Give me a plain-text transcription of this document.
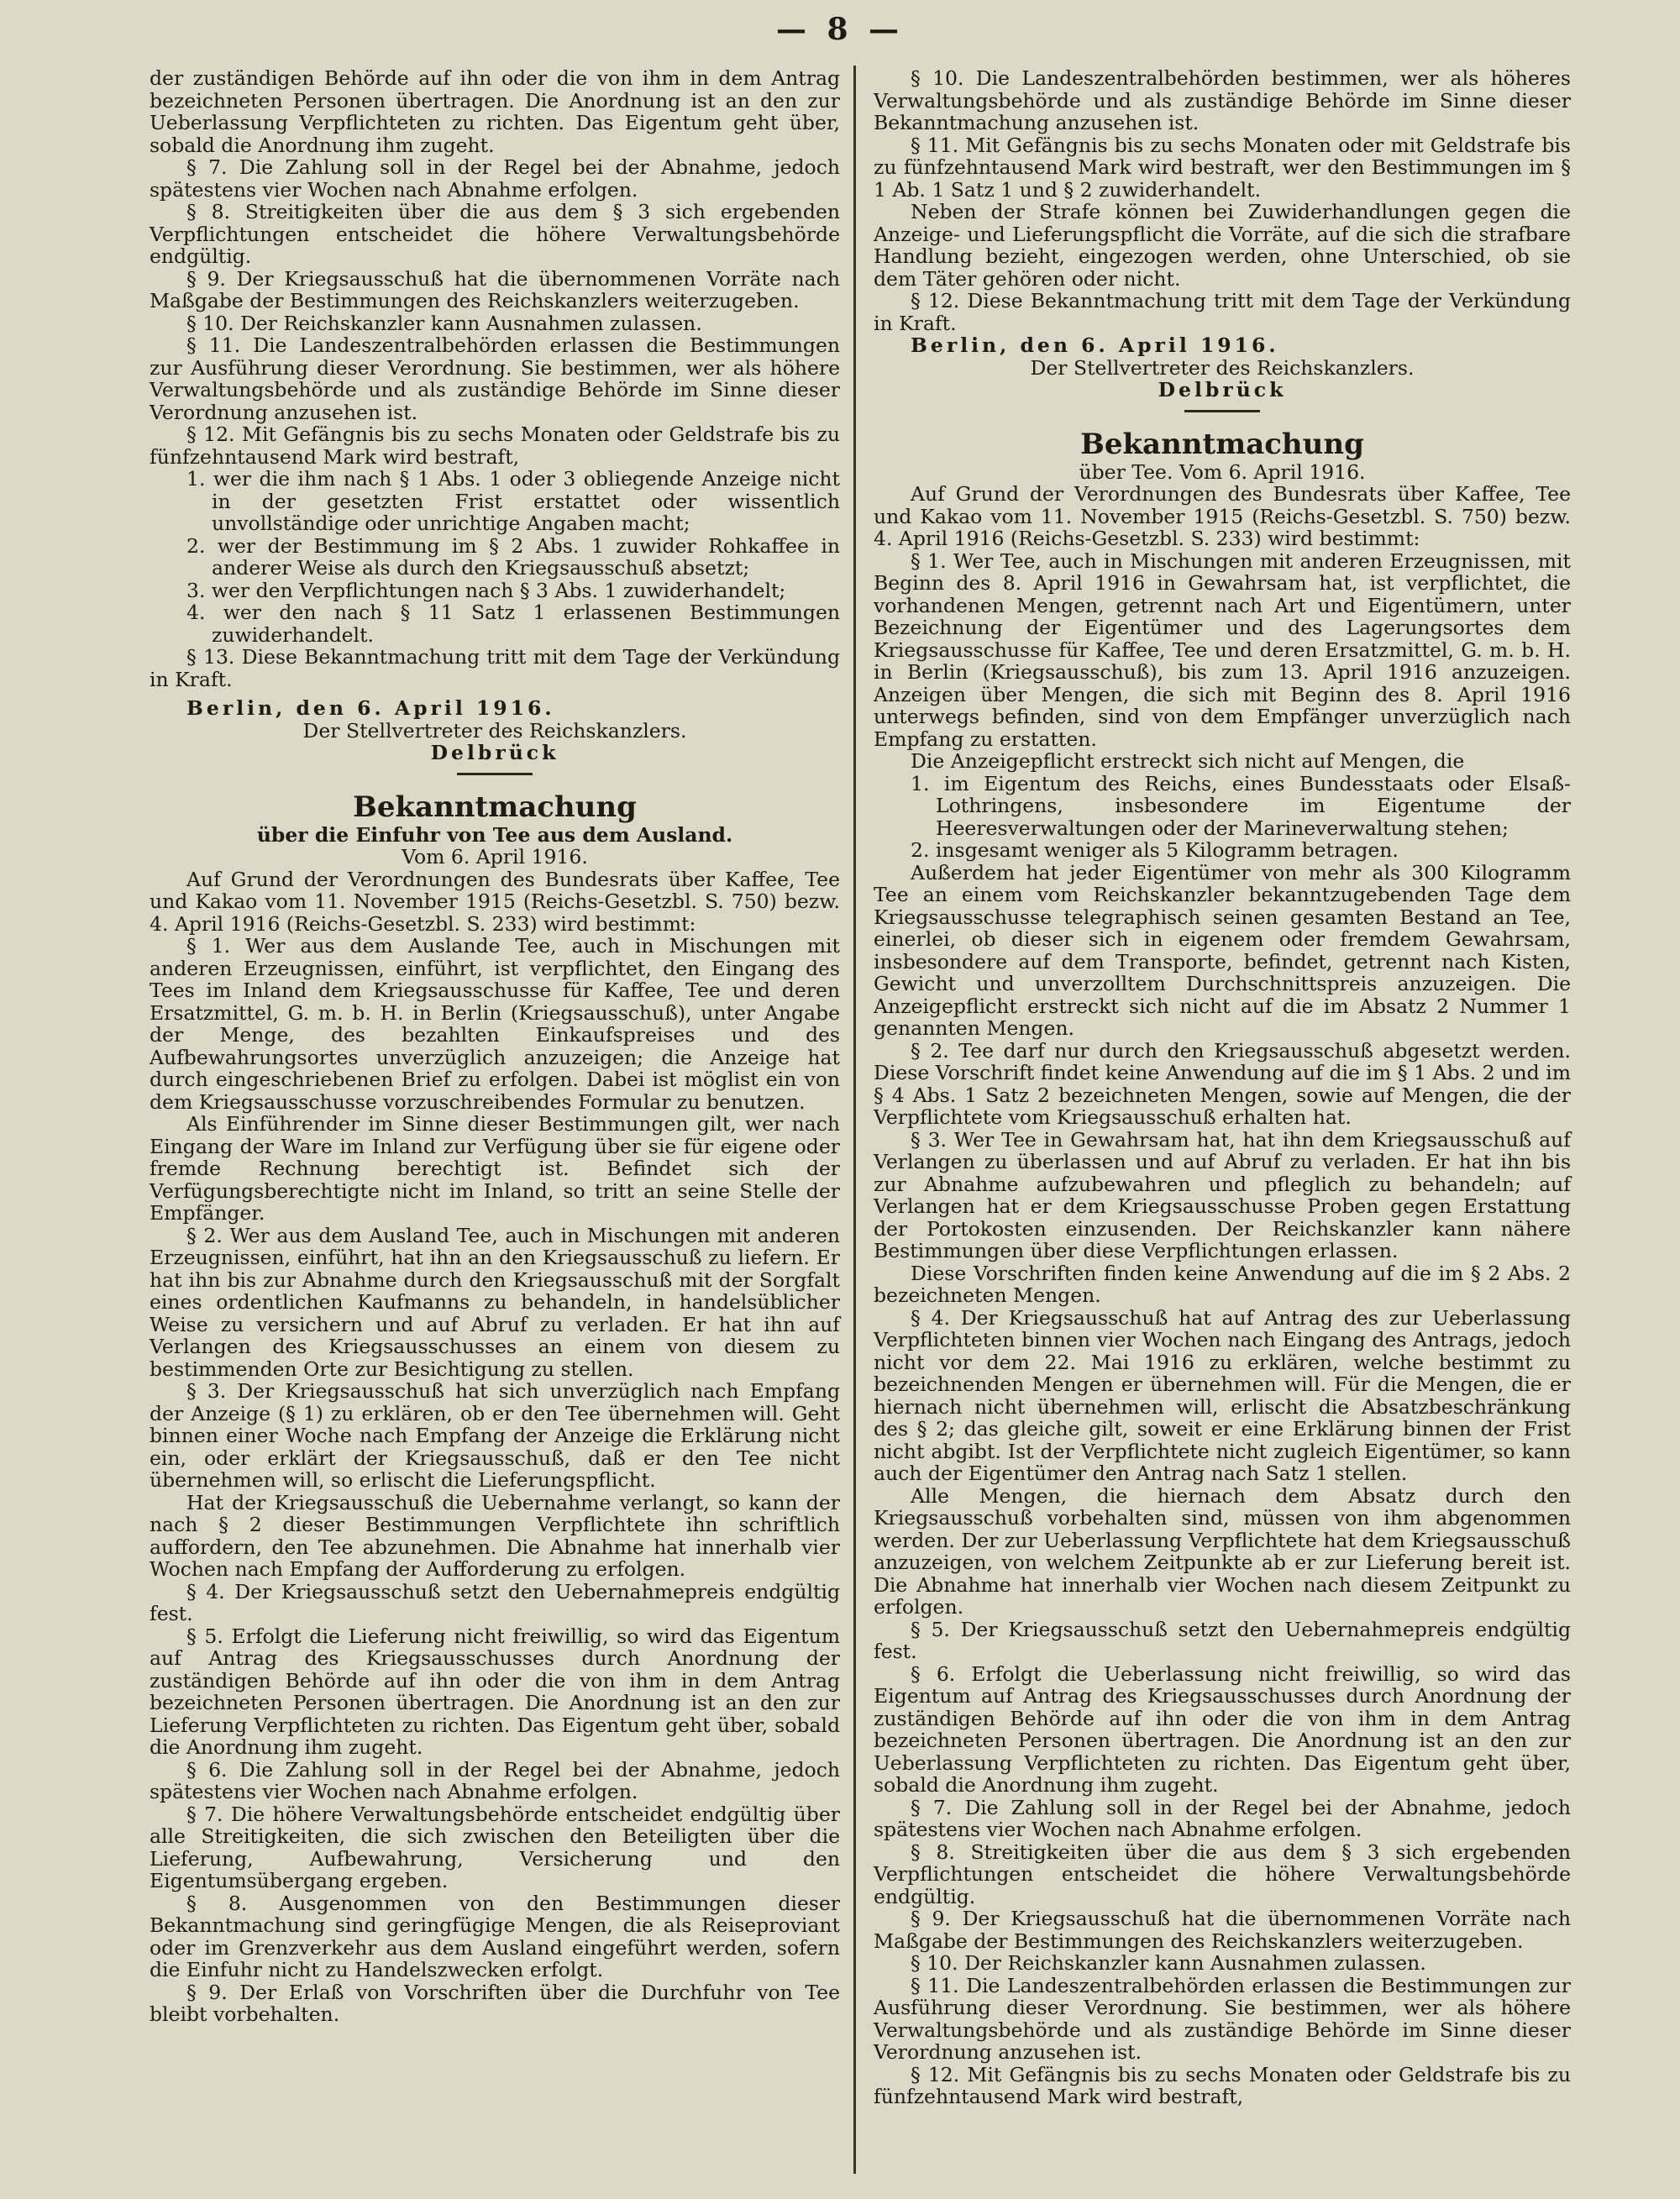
— 8 —

der zuständigen Behörde auf ihn oder die von ihm in dem Antrag bezeichneten Personen übertragen. Die Anordnung ist an den zur Ueberlassung Verpflichteten zu richten. Das Eigentum geht über, sobald die Anordnung ihm zugeht.

§ 7. Die Zahlung soll in der Regel bei der Abnahme, jedoch spätestens vier Wochen nach Abnahme erfolgen.

§ 8. Streitigkeiten über die aus dem § 3 sich ergebenden Verpflichtungen entscheidet die höhere Verwaltungsbehörde endgültig.

§ 9. Der Kriegsausschuß hat die übernommenen Vorräte nach Maßgabe der Bestimmungen des Reichskanzlers weiterzugeben.

§ 10. Der Reichskanzler kann Ausnahmen zulassen.

§ 11. Die Landeszentralbehörden erlassen die Bestimmungen zur Ausführung dieser Verordnung. Sie bestimmen, wer als höhere Verwaltungsbehörde und als zuständige Behörde im Sinne dieser Verordnung anzusehen ist.

§ 12. Mit Gefängnis bis zu sechs Monaten oder Geldstrafe bis zu fünfzehntausend Mark wird bestraft,

1. wer die ihm nach § 1 Abs. 1 oder 3 obliegende Anzeige nicht in der gesetzten Frist erstattet oder wissentlich unvollständige oder unrichtige Angaben macht;

2. wer der Bestimmung im § 2 Abs. 1 zuwider Rohkaffee in anderer Weise als durch den Kriegsausschuß absetzt;

3. wer den Verpflichtungen nach § 3 Abs. 1 zuwiderhandelt;

4. wer den nach § 11 Satz 1 erlassenen Bestimmungen zuwiderhandelt.

§ 13. Diese Bekanntmachung tritt mit dem Tage der Verkündung in Kraft.

Berlin, den 6. April 1916.

Der Stellvertreter des Reichskanzlers.

Delbrück

Bekanntmachung

über die Einfuhr von Tee aus dem Ausland.

Vom 6. April 1916.

Auf Grund der Verordnungen des Bundesrats über Kaffee, Tee und Kakao vom 11. November 1915 (Reichs-Gesetzbl. S. 750) bezw. 4. April 1916 (Reichs-Gesetzbl. S. 233) wird bestimmt:

§ 1. Wer aus dem Auslande Tee, auch in Mischungen mit anderen Erzeugnissen, einführt, ist verpflichtet, den Eingang des Tees im Inland dem Kriegsausschusse für Kaffee, Tee und deren Ersatzmittel, G. m. b. H. in Berlin (Kriegsausschuß), unter Angabe der Menge, des bezahlten Einkaufspreises und des Aufbewahrungsortes unverzüglich anzuzeigen; die Anzeige hat durch eingeschriebenen Brief zu erfolgen. Dabei ist möglist ein von dem Kriegsausschusse vorzuschreibendes Formular zu benutzen.

Als Einführender im Sinne dieser Bestimmungen gilt, wer nach Eingang der Ware im Inland zur Verfügung über sie für eigene oder fremde Rechnung berechtigt ist. Befindet sich der Verfügungsberechtigte nicht im Inland, so tritt an seine Stelle der Empfänger.

§ 2. Wer aus dem Ausland Tee, auch in Mischungen mit anderen Erzeugnissen, einführt, hat ihn an den Kriegsausschuß zu liefern. Er hat ihn bis zur Abnahme durch den Kriegsausschuß mit der Sorgfalt eines ordentlichen Kaufmanns zu behandeln, in handelsüblicher Weise zu versichern und auf Abruf zu verladen. Er hat ihn auf Verlangen des Kriegsausschusses an einem von diesem zu bestimmenden Orte zur Besichtigung zu stellen.

§ 3. Der Kriegsausschuß hat sich unverzüglich nach Empfang der Anzeige (§ 1) zu erklären, ob er den Tee übernehmen will. Geht binnen einer Woche nach Empfang der Anzeige die Erklärung nicht ein, oder erklärt der Kriegsausschuß, daß er den Tee nicht übernehmen will, so erlischt die Lieferungspflicht.

Hat der Kriegsausschuß die Uebernahme verlangt, so kann der nach § 2 dieser Bestimmungen Verpflichtete ihn schriftlich auffordern, den Tee abzunehmen. Die Abnahme hat innerhalb vier Wochen nach Empfang der Aufforderung zu erfolgen.

§ 4. Der Kriegsausschuß setzt den Uebernahmepreis endgültig fest.

§ 5. Erfolgt die Lieferung nicht freiwillig, so wird das Eigentum auf Antrag des Kriegsausschusses durch Anordnung der zuständigen Behörde auf ihn oder die von ihm in dem Antrag bezeichneten Personen übertragen. Die Anordnung ist an den zur Lieferung Verpflichteten zu richten. Das Eigentum geht über, sobald die Anordnung ihm zugeht.

§ 6. Die Zahlung soll in der Regel bei der Abnahme, jedoch spätestens vier Wochen nach Abnahme erfolgen.

§ 7. Die höhere Verwaltungsbehörde entscheidet endgültig über alle Streitigkeiten, die sich zwischen den Beteiligten über die Lieferung, Aufbewahrung, Versicherung und den Eigentumsübergang ergeben.

§ 8. Ausgenommen von den Bestimmungen dieser Bekanntmachung sind geringfügige Mengen, die als Reiseproviant oder im Grenzverkehr aus dem Ausland eingeführt werden, sofern die Einfuhr nicht zu Handelszwecken erfolgt.

§ 9. Der Erlaß von Vorschriften über die Durchfuhr von Tee bleibt vorbehalten.

§ 10. Die Landeszentralbehörden bestimmen, wer als höheres Verwaltungsbehörde und als zuständige Behörde im Sinne dieser Bekanntmachung anzusehen ist.

§ 11. Mit Gefängnis bis zu sechs Monaten oder mit Geldstrafe bis zu fünfzehntausend Mark wird bestraft, wer den Bestimmungen im § 1 Ab. 1 Satz 1 und § 2 zuwiderhandelt.

Neben der Strafe können bei Zuwiderhandlungen gegen die Anzeige- und Lieferungspflicht die Vorräte, auf die sich die strafbare Handlung bezieht, eingezogen werden, ohne Unterschied, ob sie dem Täter gehören oder nicht.

§ 12. Diese Bekanntmachung tritt mit dem Tage der Verkündung in Kraft.

Berlin, den 6. April 1916.

Der Stellvertreter des Reichskanzlers.

Delbrück

Bekanntmachung

über Tee. Vom 6. April 1916.

Auf Grund der Verordnungen des Bundesrats über Kaffee, Tee und Kakao vom 11. November 1915 (Reichs-Gesetzbl. S. 750) bezw. 4. April 1916 (Reichs-Gesetzbl. S. 233) wird bestimmt:

§ 1. Wer Tee, auch in Mischungen mit anderen Erzeugnissen, mit Beginn des 8. April 1916 in Gewahrsam hat, ist verpflichtet, die vorhandenen Mengen, getrennt nach Art und Eigentümern, unter Bezeichnung der Eigentümer und des Lagerungsortes dem Kriegsausschusse für Kaffee, Tee und deren Ersatzmittel, G. m. b. H. in Berlin (Kriegsausschuß), bis zum 13. April 1916 anzuzeigen. Anzeigen über Mengen, die sich mit Beginn des 8. April 1916 unterwegs befinden, sind von dem Empfänger unverzüglich nach Empfang zu erstatten.

Die Anzeigepflicht erstreckt sich nicht auf Mengen, die

1. im Eigentum des Reichs, eines Bundesstaats oder Elsaß-Lothringens, insbesondere im Eigentume der Heeresverwaltungen oder der Marineverwaltung stehen;

2. insgesamt weniger als 5 Kilogramm betragen.

Außerdem hat jeder Eigentümer von mehr als 300 Kilogramm Tee an einem vom Reichskanzler bekanntzugebenden Tage dem Kriegsausschusse telegraphisch seinen gesamten Bestand an Tee, einerlei, ob dieser sich in eigenem oder fremdem Gewahrsam, insbesondere auf dem Transporte, befindet, getrennt nach Kisten, Gewicht und unverzolltem Durchschnittspreis anzuzeigen. Die Anzeigepflicht erstreckt sich nicht auf die im Absatz 2 Nummer 1 genannten Mengen.

§ 2. Tee darf nur durch den Kriegsausschuß abgesetzt werden. Diese Vorschrift findet keine Anwendung auf die im § 1 Abs. 2 und im § 4 Abs. 1 Satz 2 bezeichneten Mengen, sowie auf Mengen, die der Verpflichtete vom Kriegsausschuß erhalten hat.

§ 3. Wer Tee in Gewahrsam hat, hat ihn dem Kriegsausschuß auf Verlangen zu überlassen und auf Abruf zu verladen. Er hat ihn bis zur Abnahme aufzubewahren und pfleglich zu behandeln; auf Verlangen hat er dem Kriegsausschusse Proben gegen Erstattung der Portokosten einzusenden. Der Reichskanzler kann nähere Bestimmungen über diese Verpflichtungen erlassen.

Diese Vorschriften finden keine Anwendung auf die im § 2 Abs. 2 bezeichneten Mengen.

§ 4. Der Kriegsausschuß hat auf Antrag des zur Ueberlassung Verpflichteten binnen vier Wochen nach Eingang des Antrags, jedoch nicht vor dem 22. Mai 1916 zu erklären, welche bestimmt zu bezeichnenden Mengen er übernehmen will. Für die Mengen, die er hiernach nicht übernehmen will, erlischt die Absatzbeschränkung des § 2; das gleiche gilt, soweit er eine Erklärung binnen der Frist nicht abgibt. Ist der Verpflichtete nicht zugleich Eigentümer, so kann auch der Eigentümer den Antrag nach Satz 1 stellen.

Alle Mengen, die hiernach dem Absatz durch den Kriegsausschuß vorbehalten sind, müssen von ihm abgenommen werden. Der zur Ueberlassung Verpflichtete hat dem Kriegsausschuß anzuzeigen, von welchem Zeitpunkte ab er zur Lieferung bereit ist. Die Abnahme hat innerhalb vier Wochen nach diesem Zeitpunkt zu erfolgen.

§ 5. Der Kriegsausschuß setzt den Uebernahmepreis endgültig fest.

§ 6. Erfolgt die Ueberlassung nicht freiwillig, so wird das Eigentum auf Antrag des Kriegsausschusses durch Anordnung der zuständigen Behörde auf ihn oder die von ihm in dem Antrag bezeichneten Personen übertragen. Die Anordnung ist an den zur Ueberlassung Verpflichteten zu richten. Das Eigentum geht über, sobald die Anordnung ihm zugeht.

§ 7. Die Zahlung soll in der Regel bei der Abnahme, jedoch spätestens vier Wochen nach Abnahme erfolgen.

§ 8. Streitigkeiten über die aus dem § 3 sich ergebenden Verpflichtungen entscheidet die höhere Verwaltungsbehörde endgültig.

§ 9. Der Kriegsausschuß hat die übernommenen Vorräte nach Maßgabe der Bestimmungen des Reichskanzlers weiterzugeben.

§ 10. Der Reichskanzler kann Ausnahmen zulassen.

§ 11. Die Landeszentralbehörden erlassen die Bestimmungen zur Ausführung dieser Verordnung. Sie bestimmen, wer als höhere Verwaltungsbehörde und als zuständige Behörde im Sinne dieser Verordnung anzusehen ist.

§ 12. Mit Gefängnis bis zu sechs Monaten oder Geldstrafe bis zu fünfzehntausend Mark wird bestraft,
